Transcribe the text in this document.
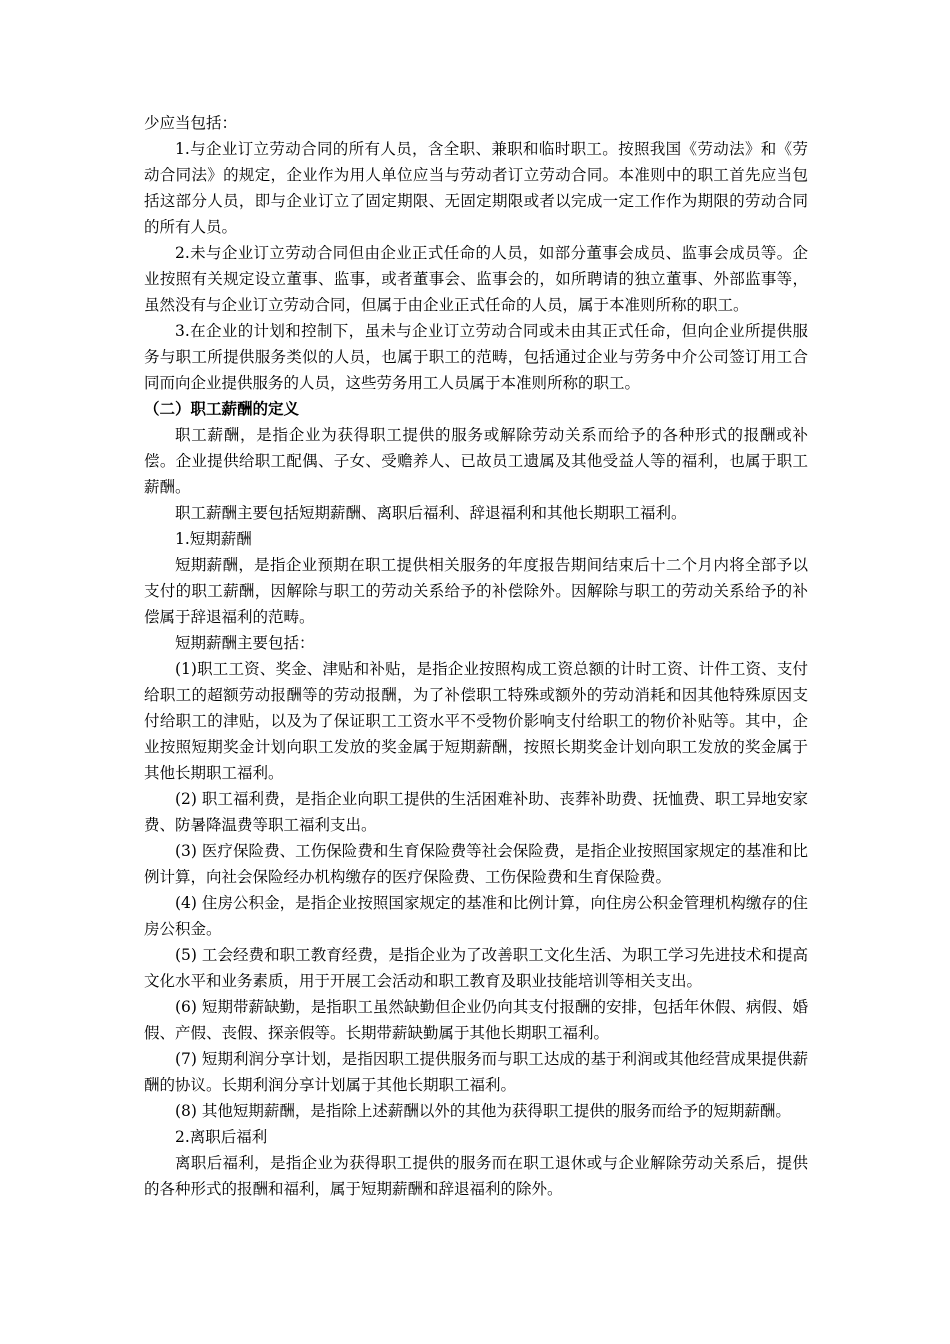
少应当包括：

1.与企业订立劳动合同的所有人员，含全职、兼职和临时职工。按照我国《劳动法》和《劳动合同法》的规定，企业作为用人单位应当与劳动者订立劳动合同。本准则中的职工首先应当包括这部分人员，即与企业订立了固定期限、无固定期限或者以完成一定工作作为期限的劳动合同的所有人员。

2.未与企业订立劳动合同但由企业正式任命的人员，如部分董事会成员、监事会成员等。企业按照有关规定设立董事、监事，或者董事会、监事会的，如所聘请的独立董事、外部监事等，虽然没有与企业订立劳动合同，但属于由企业正式任命的人员，属于本准则所称的职工。

3.在企业的计划和控制下，虽未与企业订立劳动合同或未由其正式任命，但向企业所提供服务与职工所提供服务类似的人员，也属于职工的范畴，包括通过企业与劳务中介公司签订用工合同而向企业提供服务的人员，这些劳务用工人员属于本准则所称的职工。

（二）职工薪酬的定义

职工薪酬，是指企业为获得职工提供的服务或解除劳动关系而给予的各种形式的报酬或补偿。企业提供给职工配偶、子女、受赡养人、已故员工遗属及其他受益人等的福利，也属于职工薪酬。

职工薪酬主要包括短期薪酬、离职后福利、辞退福利和其他长期职工福利。

1.短期薪酬

短期薪酬，是指企业预期在职工提供相关服务的年度报告期间结束后十二个月内将全部予以支付的职工薪酬，因解除与职工的劳动关系给予的补偿除外。因解除与职工的劳动关系给予的补偿属于辞退福利的范畴。

短期薪酬主要包括：

(1)职工工资、奖金、津贴和补贴，是指企业按照构成工资总额的计时工资、计件工资、支付给职工的超额劳动报酬等的劳动报酬，为了补偿职工特殊或额外的劳动消耗和因其他特殊原因支付给职工的津贴，以及为了保证职工工资水平不受物价影响支付给职工的物价补贴等。其中，企业按照短期奖金计划向职工发放的奖金属于短期薪酬，按照长期奖金计划向职工发放的奖金属于其他长期职工福利。

(2) 职工福利费，是指企业向职工提供的生活困难补助、丧葬补助费、抚恤费、职工异地安家费、防暑降温费等职工福利支出。

(3) 医疗保险费、工伤保险费和生育保险费等社会保险费，是指企业按照国家规定的基准和比例计算，向社会保险经办机构缴存的医疗保险费、工伤保险费和生育保险费。

(4) 住房公积金，是指企业按照国家规定的基准和比例计算，向住房公积金管理机构缴存的住房公积金。

(5) 工会经费和职工教育经费，是指企业为了改善职工文化生活、为职工学习先进技术和提高文化水平和业务素质，用于开展工会活动和职工教育及职业技能培训等相关支出。

(6) 短期带薪缺勤，是指职工虽然缺勤但企业仍向其支付报酬的安排，包括年休假、病假、婚假、产假、丧假、探亲假等。长期带薪缺勤属于其他长期职工福利。

(7) 短期利润分享计划，是指因职工提供服务而与职工达成的基于利润或其他经营成果提供薪酬的协议。长期利润分享计划属于其他长期职工福利。

(8) 其他短期薪酬，是指除上述薪酬以外的其他为获得职工提供的服务而给予的短期薪酬。

2.离职后福利

离职后福利，是指企业为获得职工提供的服务而在职工退休或与企业解除劳动关系后，提供的各种形式的报酬和福利，属于短期薪酬和辞退福利的除外。
